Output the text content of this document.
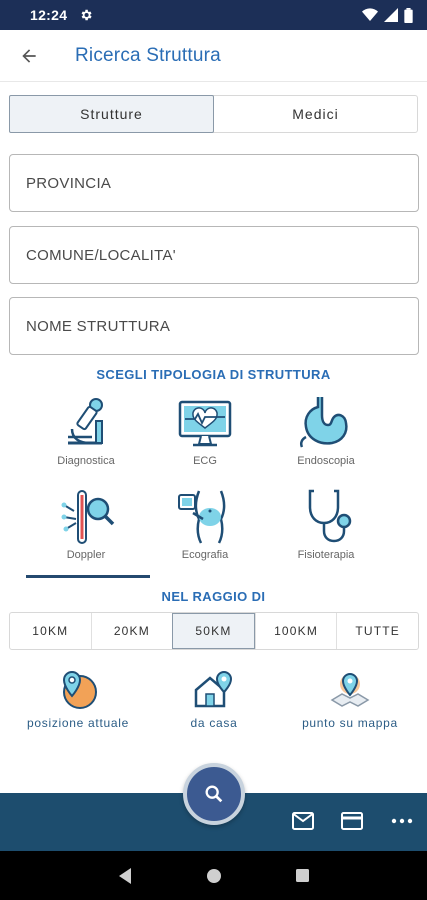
12:24
Ricerca Struttura
Strutture	Medici
PROVINCIA
COMUNE/LOCALITA'
NOME STRUTTURA
SCEGLI TIPOLOGIA DI STRUTTURA
Diagnostica	ECG	Endoscopia
Doppler	Ecografia	Fisioterapia
NEL RAGGIO DI
10KM	20KM	50KM	100KM	TUTTE
posizione attuale	da casa	punto su mappa
